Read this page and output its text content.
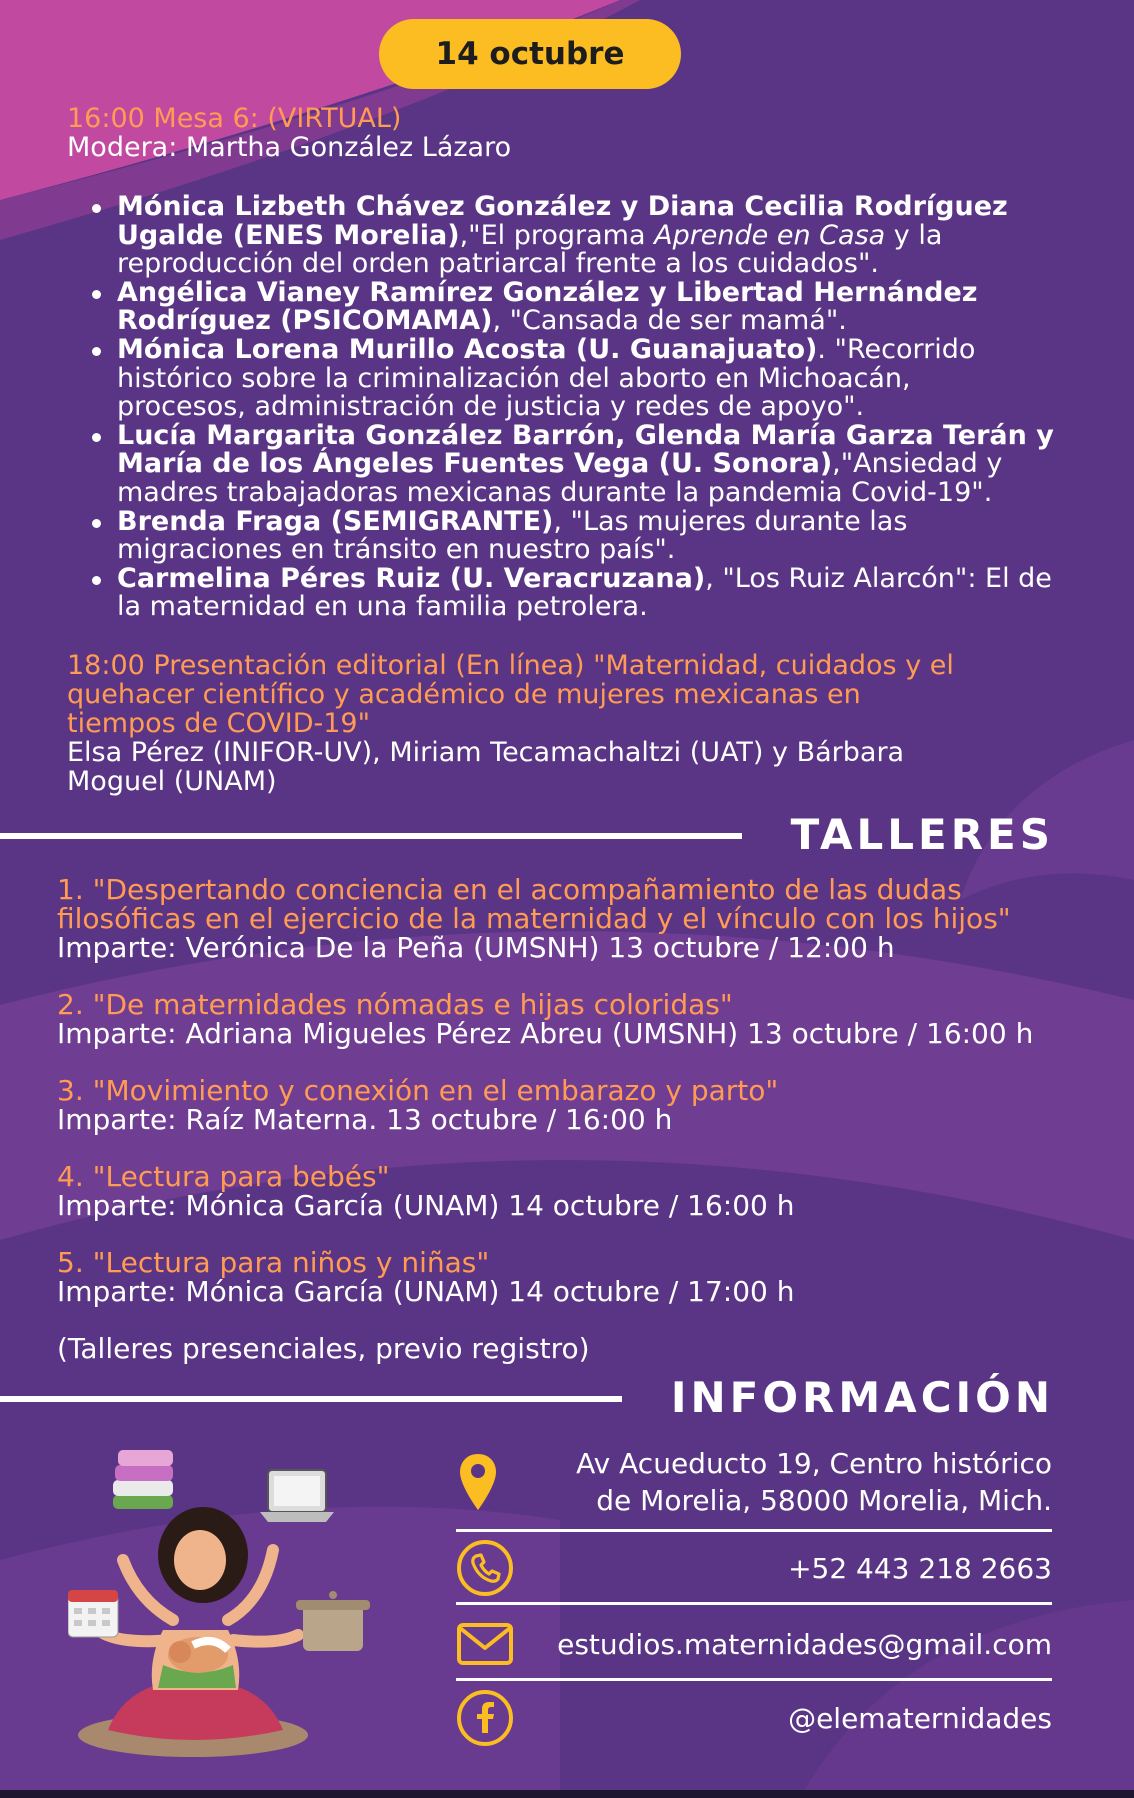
14 octubre
16:00 Mesa 6: (VIRTUAL)
Modera: Martha González Lázaro
Mónica Lizbeth Chávez González y Diana Cecilia Rodríguez
Ugalde (ENES Morelia),"El programa Aprende en Casa y la
reproducción del orden patriarcal frente a los cuidados".
Angélica Vianey Ramírez González y Libertad Hernández
Rodríguez (PSICOMAMA), "Cansada de ser mamá".
Mónica Lorena Murillo Acosta (U. Guanajuato). "Recorrido
histórico sobre la criminalización del aborto en Michoacán,
procesos, administración de justicia y redes de apoyo".
Lucía Margarita González Barrón, Glenda María Garza Terán y
María de los Ángeles Fuentes Vega (U. Sonora),"Ansiedad y
madres trabajadoras mexicanas durante la pandemia Covid-19".
Brenda Fraga (SEMIGRANTE), "Las mujeres durante las
migraciones en tránsito en nuestro país".
Carmelina Péres Ruiz (U. Veracruzana), "Los Ruiz Alarcón": El de
la maternidad en una familia petrolera.
18:00 Presentación editorial (En línea) "Maternidad, cuidados y el
quehacer científico y académico de mujeres mexicanas en
tiempos de COVID-19"
Elsa Pérez (INIFOR-UV), Miriam Tecamachaltzi (UAT) y Bárbara
Moguel (UNAM)
TALLERES
1. "Despertando conciencia en el acompañamiento de las dudas
filosóficas en el ejercicio de la maternidad y el vínculo con los hijos"
Imparte: Verónica De la Peña (UMSNH) 13 octubre / 12:00 h
2. "De maternidades nómadas e hijas coloridas"
Imparte: Adriana Migueles Pérez Abreu (UMSNH) 13 octubre / 16:00 h
3. "Movimiento y conexión en el embarazo y parto"
Imparte: Raíz Materna. 13 octubre / 16:00 h
4. "Lectura para bebés"
Imparte: Mónica García (UNAM) 14 octubre / 16:00 h
5. "Lectura para niños y niñas"
Imparte: Mónica García (UNAM) 14 octubre / 17:00 h
(Talleres presenciales, previo registro)
INFORMACIÓN
Av Acueducto 19, Centro histórico
de Morelia, 58000 Morelia, Mich.
+52 443 218 2663
estudios.maternidades@gmail.com
@elematernidades
